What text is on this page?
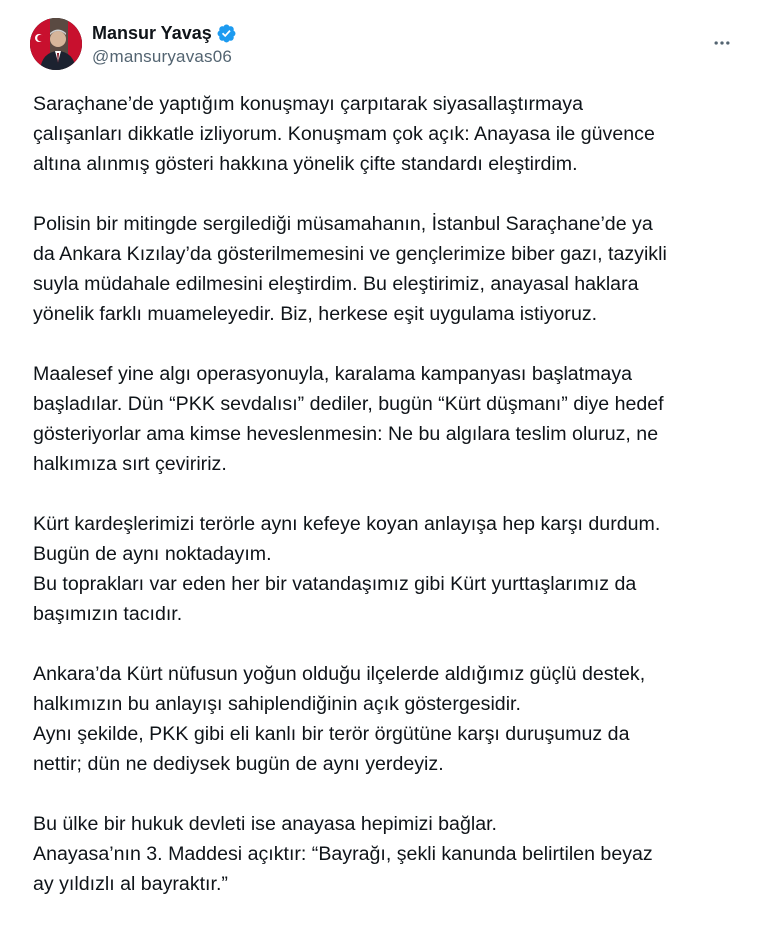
Mansur Yavaş
@mansuryavas06

Saraçhane’de yaptığım konuşmayı çarpıtarak siyasallaştırmaya
çalışanları dikkatle izliyorum. Konuşmam çok açık: Anayasa ile güvence
altına alınmış gösteri hakkına yönelik çifte standardı eleştirdim.

Polisin bir mitingde sergilediği müsamahanın, İstanbul Saraçhane’de ya
da Ankara Kızılay’da gösterilmemesini ve gençlerimize biber gazı, tazyikli
suyla müdahale edilmesini eleştirdim. Bu eleştirimiz, anayasal haklara
yönelik farklı muameleyedir. Biz, herkese eşit uygulama istiyoruz.

Maalesef yine algı operasyonuyla, karalama kampanyası başlatmaya
başladılar. Dün “PKK sevdalısı” dediler, bugün “Kürt düşmanı” diye hedef
gösteriyorlar ama kimse heveslenmesin: Ne bu algılara teslim oluruz, ne
halkımıza sırt çeviririz.

Kürt kardeşlerimizi terörle aynı kefeye koyan anlayışa hep karşı durdum.
Bugün de aynı noktadayım.
Bu toprakları var eden her bir vatandaşımız gibi Kürt yurttaşlarımız da
başımızın tacıdır.

Ankara’da Kürt nüfusun yoğun olduğu ilçelerde aldığımız güçlü destek,
halkımızın bu anlayışı sahiplendiğinin açık göstergesidir.
Aynı şekilde, PKK gibi eli kanlı bir terör örgütüne karşı duruşumuz da
nettir; dün ne dediysek bugün de aynı yerdeyiz.

Bu ülke bir hukuk devleti ise anayasa hepimizi bağlar.
Anayasa’nın 3. Maddesi açıktır: “Bayrağı, şekli kanunda belirtilen beyaz
ay yıldızlı al bayraktır.”
